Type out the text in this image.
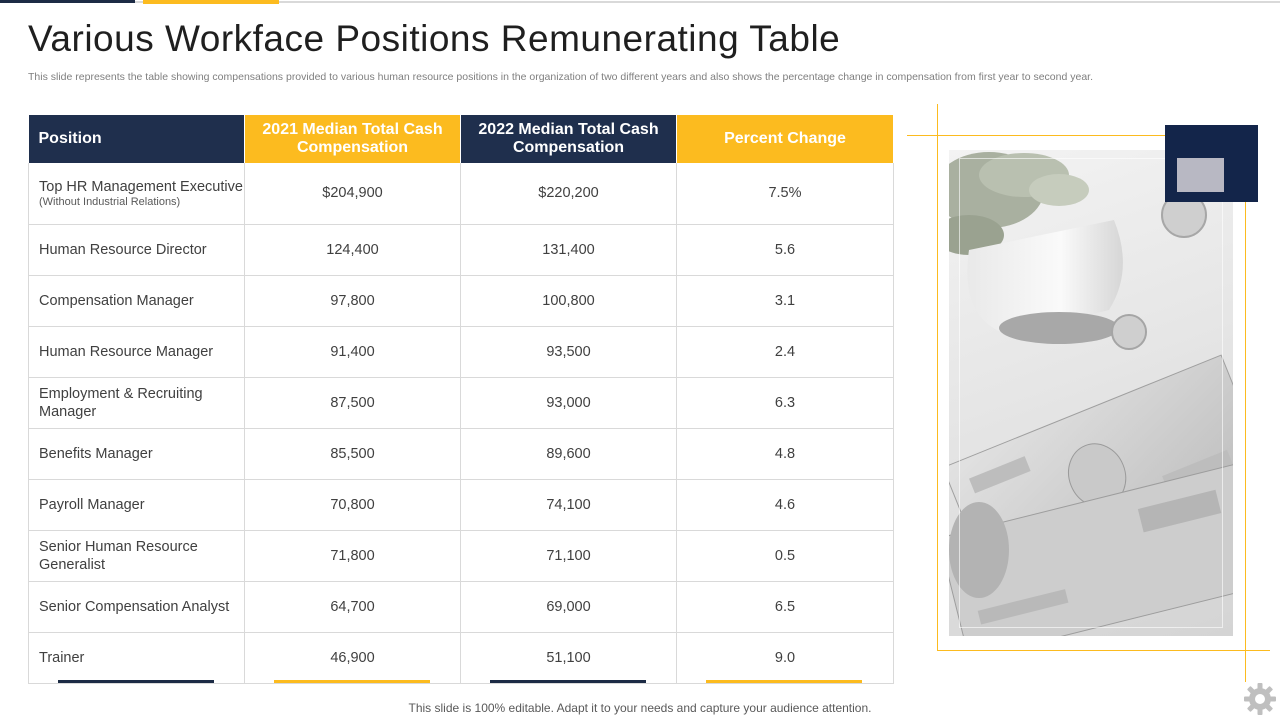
Various Workface Positions Remunerating Table

This slide represents the table showing compensations provided to various human resource positions in the organization of two different years and also shows the percentage change in compensation from first year to second year.

Position	2021 Median Total Cash Compensation	2022 Median Total Cash Compensation	Percent Change
Top HR Management Executive
(Without Industrial Relations)	$204,900	$220,200	7.5%
Human Resource Director	124,400	131,400	5.6
Compensation Manager	97,800	100,800	3.1
Human Resource Manager	91,400	93,500	2.4
Employment & Recruiting Manager	87,500	93,000	6.3
Benefits Manager	85,500	89,600	4.8
Payroll Manager	70,800	74,100	4.6
Senior Human Resource Generalist	71,800	71,100	0.5
Senior Compensation Analyst	64,700	69,000	6.5
Trainer	46,900	51,100	9.0

This slide is 100% editable. Adapt it to your needs and capture your audience attention.
